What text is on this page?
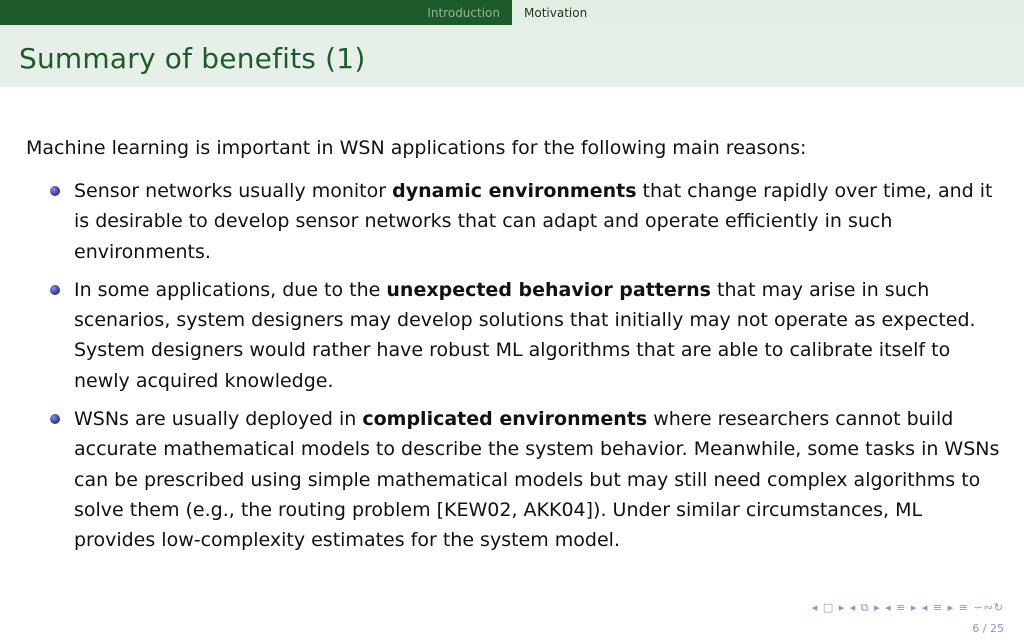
Introduction	Motivation
Summary of benefits (1)

Machine learning is important in WSN applications for the following main reasons:

Sensor networks usually monitor dynamic environments that change rapidly over time, and it is desirable to develop sensor networks that can adapt and operate efficiently in such environments.
In some applications, due to the unexpected behavior patterns that may arise in such scenarios, system designers may develop solutions that initially may not operate as expected. System designers would rather have robust ML algorithms that are able to calibrate itself to newly acquired knowledge.
WSNs are usually deployed in complicated environments where researchers cannot build accurate mathematical models to describe the system behavior. Meanwhile, some tasks in WSNs can be prescribed using simple mathematical models but may still need complex algorithms to solve them (e.g., the routing problem [KEW02, AKK04]). Under similar circumstances, ML provides low-complexity estimates for the system model.
◂ □ ▸ ◂ ⧉ ▸ ◂ ≡ ▸ ◂ ≡ ▸ ≡ ∽∾↻
6 / 25
